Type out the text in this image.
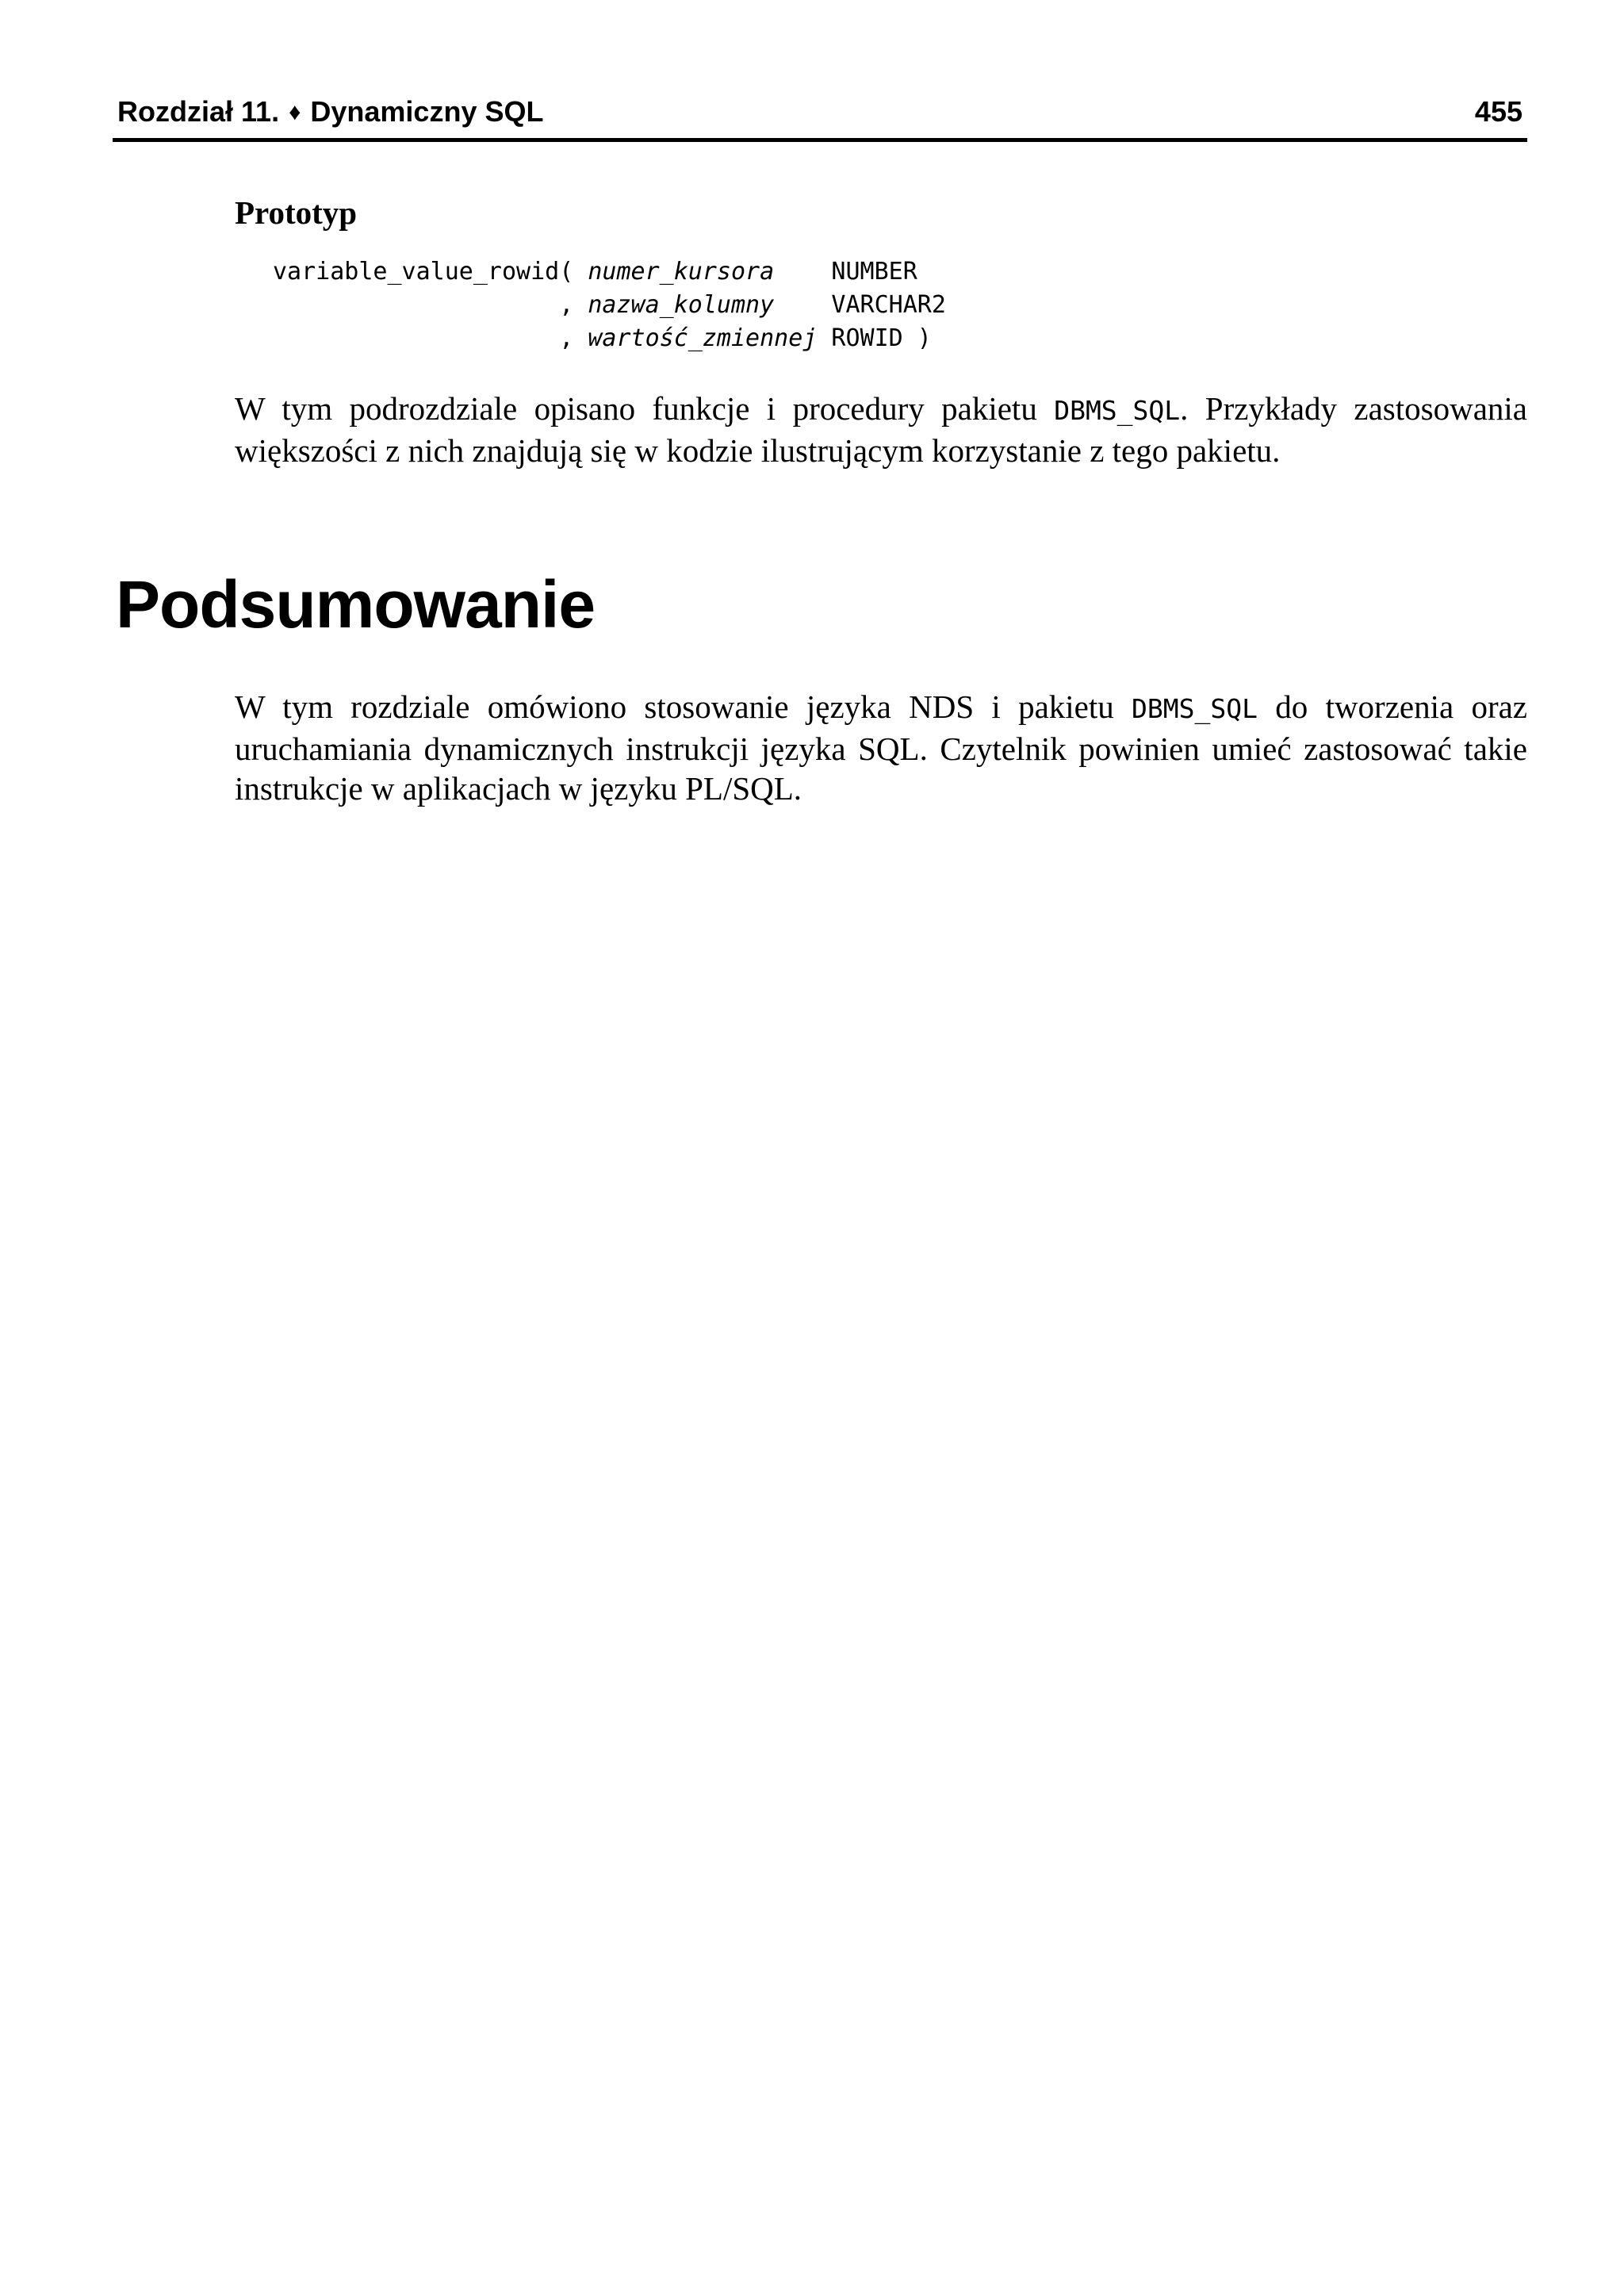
Rozdział 11. ♦ Dynamiczny SQL	455
Prototyp
variable_value_rowid( numer_kursora NUMBER
, nazwa_kolumny VARCHAR2
, wartość_zmiennej ROWID )

W tym podrozdziale opisano funkcje i procedury pakietu DBMS_SQL. Przykłady zastosowania większości z nich znajdują się w kodzie ilustrującym korzystanie z tego pakietu.

Podsumowanie

W tym rozdziale omówiono stosowanie języka NDS i pakietu DBMS_SQL do tworzenia oraz uruchamiania dynamicznych instrukcji języka SQL. Czytelnik powinien umieć zastosować takie instrukcje w aplikacjach w języku PL/SQL.
